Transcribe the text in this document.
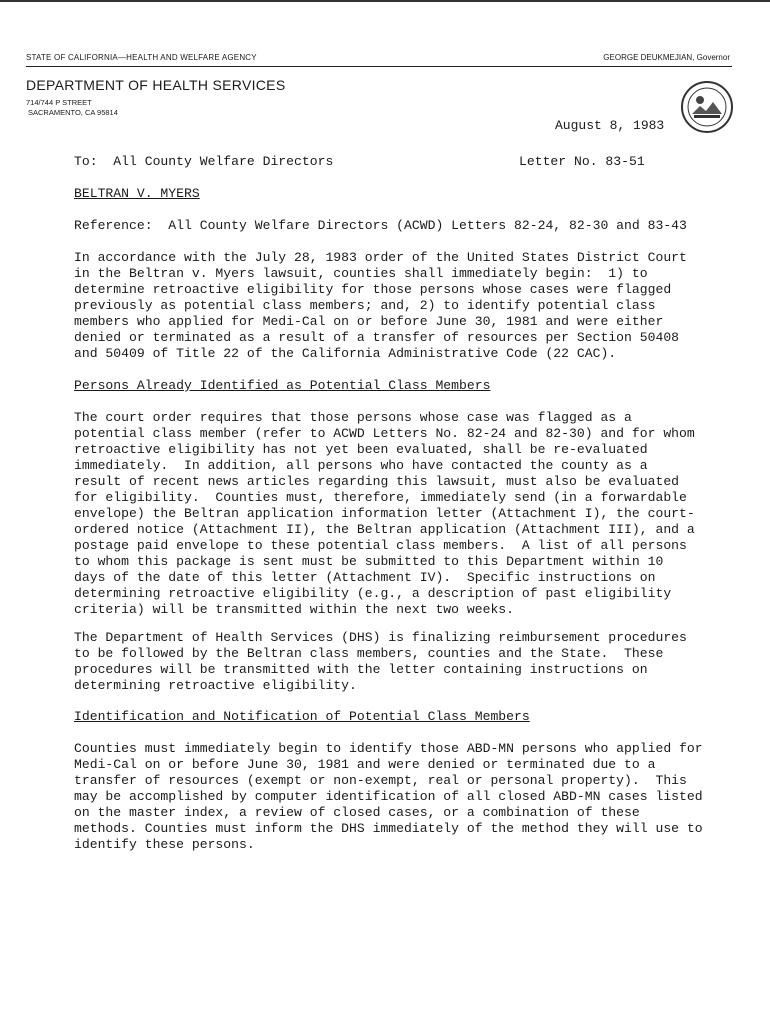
STATE OF CALIFORNIA—HEALTH AND WELFARE AGENCY	GEORGE DEUKMEJIAN, Governor
DEPARTMENT OF HEALTH SERVICES
714/744 P STREET
SACRAMENTO, CA 95814
August 8, 1983
To:  All County Welfare Directors	Letter No. 83-51
BELTRAN V. MYERS
Reference:  All County Welfare Directors (ACWD) Letters 82-24, 82-30 and 83-43
In accordance with the July 28, 1983 order of the United States District Court
in the Beltran v. Myers lawsuit, counties shall immediately begin:  1) to
determine retroactive eligibility for those persons whose cases were flagged
previously as potential class members; and, 2) to identify potential class
members who applied for Medi-Cal on or before June 30, 1981 and were either
denied or terminated as a result of a transfer of resources per Section 50408
and 50409 of Title 22 of the California Administrative Code (22 CAC).
Persons Already Identified as Potential Class Members
The court order requires that those persons whose case was flagged as a
potential class member (refer to ACWD Letters No. 82-24 and 82-30) and for whom
retroactive eligibility has not yet been evaluated, shall be re-evaluated
immediately.  In addition, all persons who have contacted the county as a
result of recent news articles regarding this lawsuit, must also be evaluated
for eligibility.  Counties must, therefore, immediately send (in a forwardable
envelope) the Beltran application information letter (Attachment I), the court-
ordered notice (Attachment II), the Beltran application (Attachment III), and a
postage paid envelope to these potential class members.  A list of all persons
to whom this package is sent must be submitted to this Department within 10
days of the date of this letter (Attachment IV).  Specific instructions on
determining retroactive eligibility (e.g., a description of past eligibility
criteria) will be transmitted within the next two weeks.
The Department of Health Services (DHS) is finalizing reimbursement procedures
to be followed by the Beltran class members, counties and the State.  These
procedures will be transmitted with the letter containing instructions on
determining retroactive eligibility.
Identification and Notification of Potential Class Members
Counties must immediately begin to identify those ABD-MN persons who applied for
Medi-Cal on or before June 30, 1981 and were denied or terminated due to a
transfer of resources (exempt or non-exempt, real or personal property).  This
may be accomplished by computer identification of all closed ABD-MN cases listed
on the master index, a review of closed cases, or a combination of these
methods. Counties must inform the DHS immediately of the method they will use to
identify these persons.
